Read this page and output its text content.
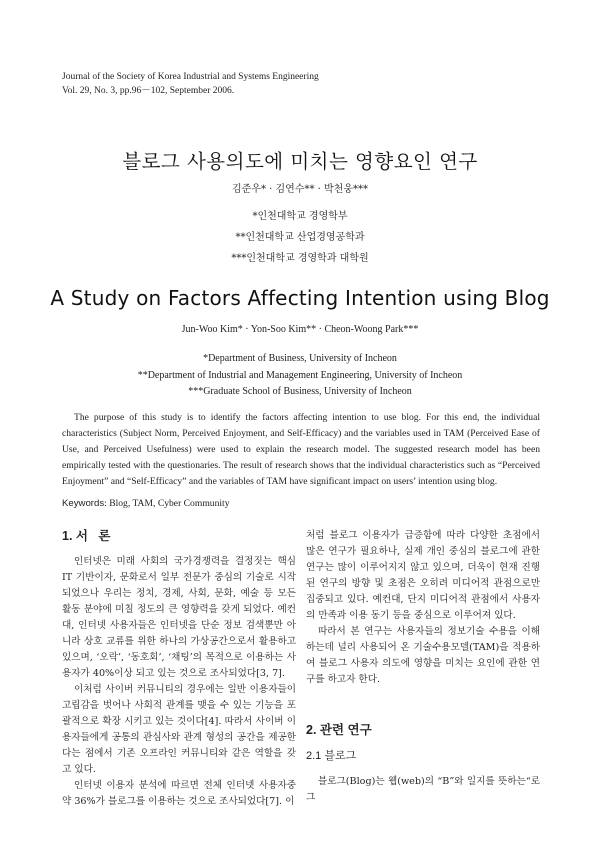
Journal of the Society of Korea Industrial and Systems Engineering
Vol. 29, No. 3, pp.96－102, September 2006.
블로그 사용의도에 미치는 영향요인 연구
김준우* · 김연수** · 박천웅***
*인천대학교 경영학부
**인천대학교 산업경영공학과
***인천대학교 경영학과 대학원
A Study on Factors Affecting Intention using Blog
Jun-Woo Kim* · Yon-Soo Kim** · Cheon-Woong Park***
*Department of Business, University of Incheon
**Department of Industrial and Management Engineering, University of Incheon
***Graduate School of Business, University of Incheon
The purpose of this study is to identify the factors affecting intention to use blog. For this end, the individual characteristics (Subject Norm, Perceived Enjoyment, and Self-Efficacy) and the variables used in TAM (Perceived Ease of Use, and Perceived Usefulness) were used to explain the research model. The suggested research model has been empirically tested with the questionaries. The result of research shows that the individual characteristics such as “Perceived Enjoyment” and “Self-Efficacy” and the variables of TAM have significant impact on users’ intention using blog.
Keywords: Blog, TAM, Cyber Community
1. 서   론

인터넷은 미래 사회의 국가경쟁력을 결정짓는 핵심 IT 기반이자, 문화로서 일부 전문가 중심의 기술로 시작되었으나 우리는 정치, 경제, 사회, 문화, 예술 등 모든 활동 분야에 미칠 정도의 큰 영향력을 갖게 되었다. 예컨대, 인터넷 사용자들은 인터넷을 단순 정보 검색뿐만 아니라 상호 교류를 위한 하나의 가상공간으로서 활용하고 있으며, ‘오락’, ‘동호회’, ‘채팅’의 목적으로 이용하는 사용자가 40%이상 되고 있는 것으로 조사되었다[3, 7].

이처럼 사이버 커뮤니티의 경우에는 일반 이용자들이 고립감을 벗어나 사회적 관계를 맺을 수 있는 기능을 포괄적으로 확장 시키고 있는 것이다[4]. 따라서 사이버 이용자들에게 공통의 관심사와 관계 형성의 공간을 제공한다는 점에서 기존 오프라인 커뮤니티와 같은 역할을 갖고 있다.

인터넷 이용자 분석에 따르면 전체 인터넷 사용자중 약 36%가 블로그를 이용하는 것으로 조사되었다[7]. 이

처럼 블로그 이용자가 급증함에 따라 다양한 초점에서 많은 연구가 필요하나, 실제 개인 중심의 블로그에 관한 연구는 많이 이루어지지 않고 있으며, 더욱이 현재 진행된 연구의 방향 및 초점은 오히려 미디어적 관점으로만 집중되고 있다. 예컨대, 단지 미디어적 관점에서 사용자의 만족과 이용 동기 등을 중심으로 이루어져 있다.

따라서 본 연구는 사용자들의 정보기술 수용을 이해하는데 널리 사용되어 온 기술수용모델(TAM)을 적용하여 블로그 사용자 의도에 영향을 미치는 요인에 관한 연구를 하고자 한다.

2. 관련 연구
2.1 블로그

블로그(Blog)는 웹(web)의 “B”와 일지를 뜻하는“로그
